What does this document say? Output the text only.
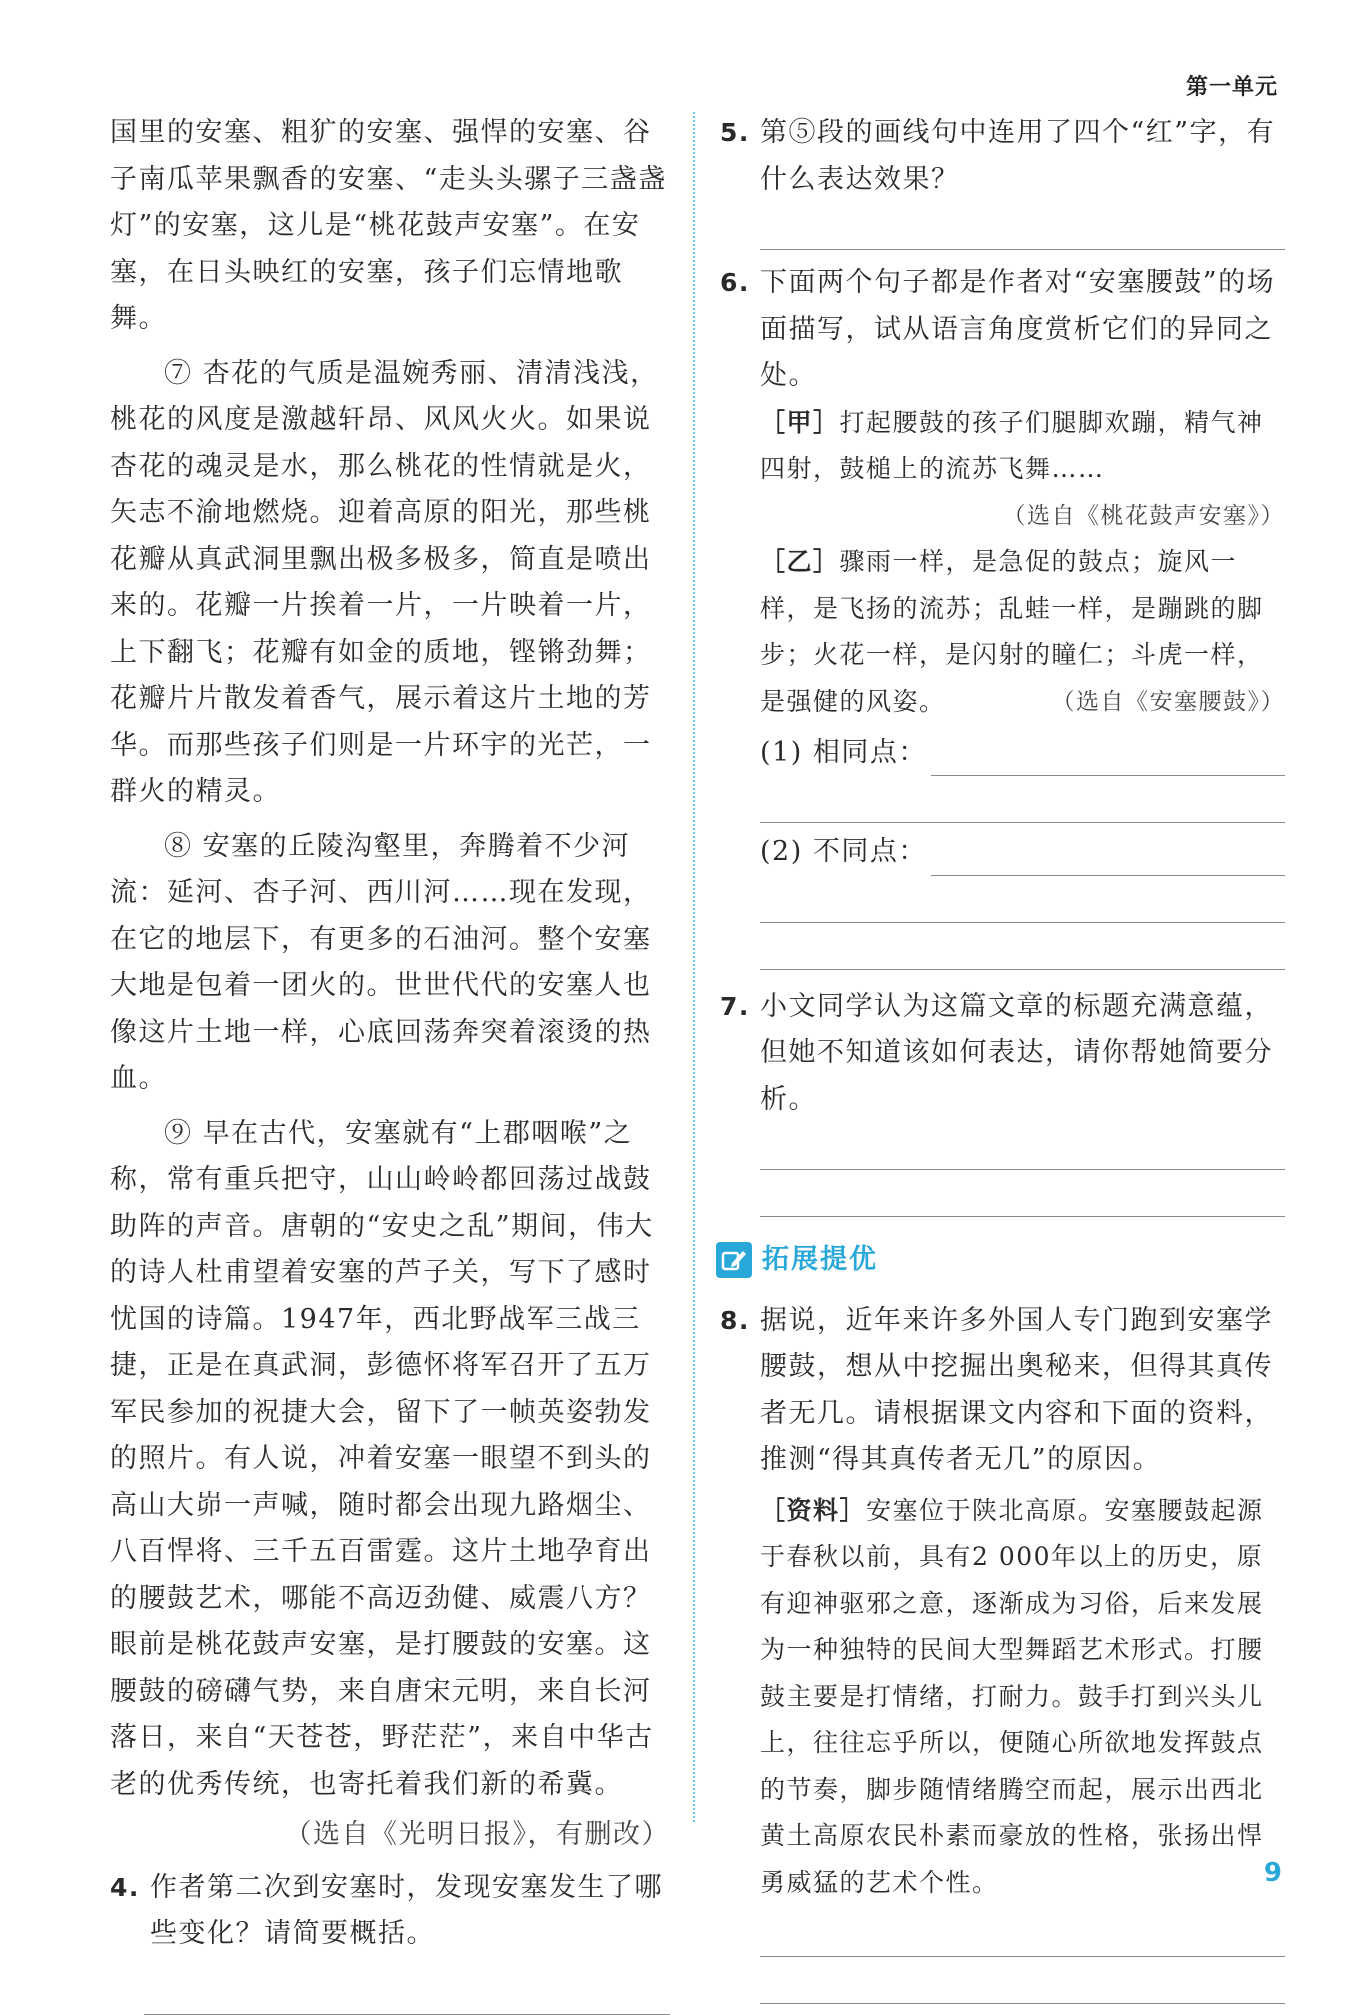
第一单元

国里的安塞、粗犷的安塞、强悍的安塞、谷子南瓜苹果飘香的安塞、“走头头骡子三盏盏灯”的安塞，这儿是“桃花鼓声安塞”。在安塞，在日头映红的安塞，孩子们忘情地歌舞。

⑦ 杏花的气质是温婉秀丽、清清浅浅，桃花的风度是激越轩昂、风风火火。如果说杏花的魂灵是水，那么桃花的性情就是火，矢志不渝地燃烧。迎着高原的阳光，那些桃花瓣从真武洞里飘出极多极多，简直是喷出来的。花瓣一片挨着一片，一片映着一片，上下翻飞；花瓣有如金的质地，铿锵劲舞；花瓣片片散发着香气，展示着这片土地的芳华。而那些孩子们则是一片环宇的光芒，一群火的精灵。

⑧ 安塞的丘陵沟壑里，奔腾着不少河流：延河、杏子河、西川河……现在发现，在它的地层下，有更多的石油河。整个安塞大地是包着一团火的。世世代代的安塞人也像这片土地一样，心底回荡奔突着滚烫的热血。

⑨ 早在古代，安塞就有“上郡咽喉”之称，常有重兵把守，山山岭岭都回荡过战鼓助阵的声音。唐朝的“安史之乱”期间，伟大的诗人杜甫望着安塞的芦子关，写下了感时忧国的诗篇。1947年，西北野战军三战三捷，正是在真武洞，彭德怀将军召开了五万军民参加的祝捷大会，留下了一帧英姿勃发的照片。有人说，冲着安塞一眼望不到头的高山大峁一声喊，随时都会出现九路烟尘、八百悍将、三千五百雷霆。这片土地孕育出的腰鼓艺术，哪能不高迈劲健、威震八方？眼前是桃花鼓声安塞，是打腰鼓的安塞。这腰鼓的磅礴气势，来自唐宋元明，来自长河落日，来自“天苍苍，野茫茫”，来自中华古老的优秀传统，也寄托着我们新的希冀。

（选自《光明日报》，有删改）

4. 作者第二次到安塞时，发现安塞发生了哪些变化？请简要概括。

5. 第⑤段的画线句中连用了四个“红”字，有什么表达效果？

6. 下面两个句子都是作者对“安塞腰鼓”的场面描写，试从语言角度赏析它们的异同之处。

［甲］打起腰鼓的孩子们腿脚欢蹦，精气神四射，鼓槌上的流苏飞舞……

（选自《桃花鼓声安塞》）

［乙］骤雨一样，是急促的鼓点；旋风一样，是飞扬的流苏；乱蛙一样，是蹦跳的脚步；火花一样，是闪射的瞳仁；斗虎一样，是强健的风姿。	（选自《安塞腰鼓》）

(1) 相同点：
(2) 不同点：
7. 小文同学认为这篇文章的标题充满意蕴，但她不知道该如何表达，请你帮她简要分析。

拓展提优
8. 据说，近年来许多外国人专门跑到安塞学腰鼓，想从中挖掘出奥秘来，但得其真传者无几。请根据课文内容和下面的资料，推测“得其真传者无几”的原因。

［资料］安塞位于陕北高原。安塞腰鼓起源于春秋以前，具有2 000年以上的历史，原有迎神驱邪之意，逐渐成为习俗，后来发展为一种独特的民间大型舞蹈艺术形式。打腰鼓主要是打情绪，打耐力。鼓手打到兴头儿上，往往忘乎所以，便随心所欲地发挥鼓点的节奏，脚步随情绪腾空而起，展示出西北黄土高原农民朴素而豪放的性格，张扬出悍勇威猛的艺术个性。	9
